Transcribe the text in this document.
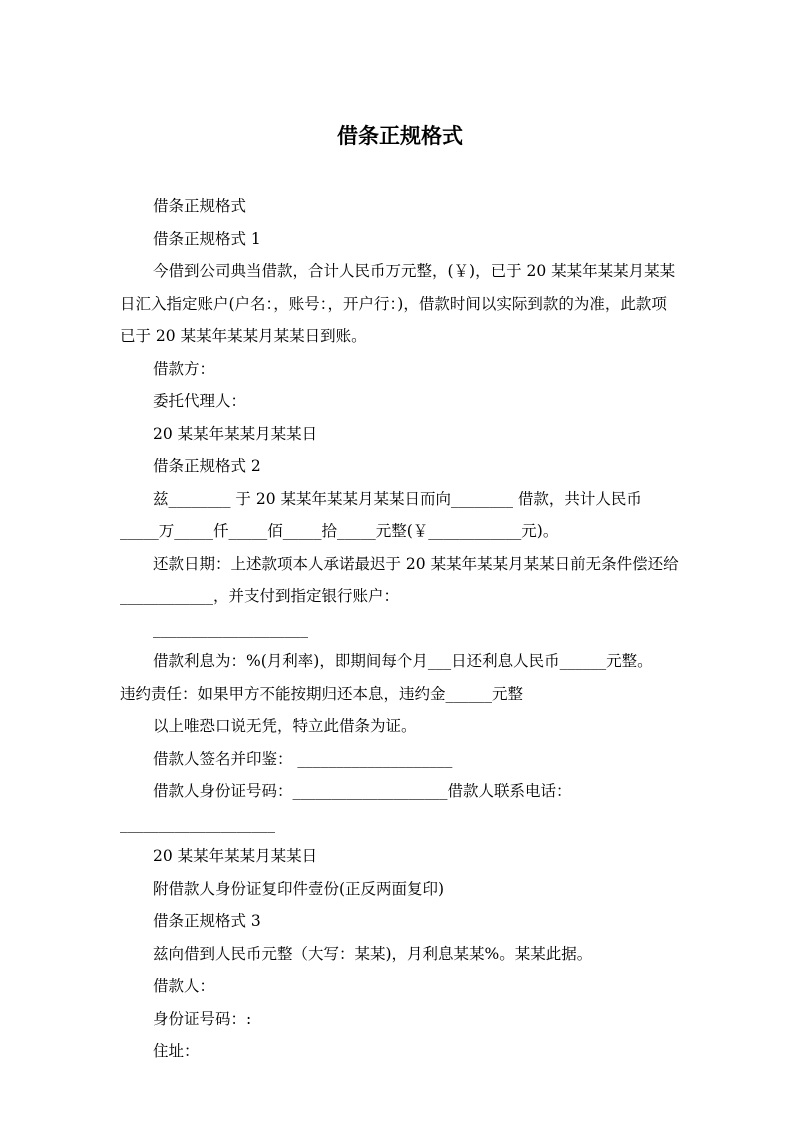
借条正规格式

借条正规格式

借条正规格式 1

今借到公司典当借款，合计人民币万元整，(￥)，已于 20 某某年某某月某某日汇入指定账户(户名：，账号：，开户行：)，借款时间以实际到款的为准，此款项已于 20 某某年某某月某某日到账。

借款方：

委托代理人：

20 某某年某某月某某日

借条正规格式 2

兹________ 于 20 某某年某某月某某日而向________ 借款，共计人民币_____万_____仟_____佰_____拾_____元整(￥____________元)。

还款日期：上述款项本人承诺最迟于 20 某某年某某月某某日前无条件偿还给____________，并支付到指定银行账户：

____________________

借款利息为：%(月利率)，即期间每个月___日还利息人民币______元整。

违约责任：如果甲方不能按期归还本息，违约金______元整

以上唯恐口说无凭，特立此借条为证。

借款人签名并印鉴： ____________________

借款人身份证号码：____________________借款人联系电话：____________________

20 某某年某某月某某日

附借款人身份证复印件壹份(正反两面复印)

借条正规格式 3

兹向借到人民币元整（大写：某某)，月利息某某%。某某此据。

借款人：

身份证号码：:

住址：
